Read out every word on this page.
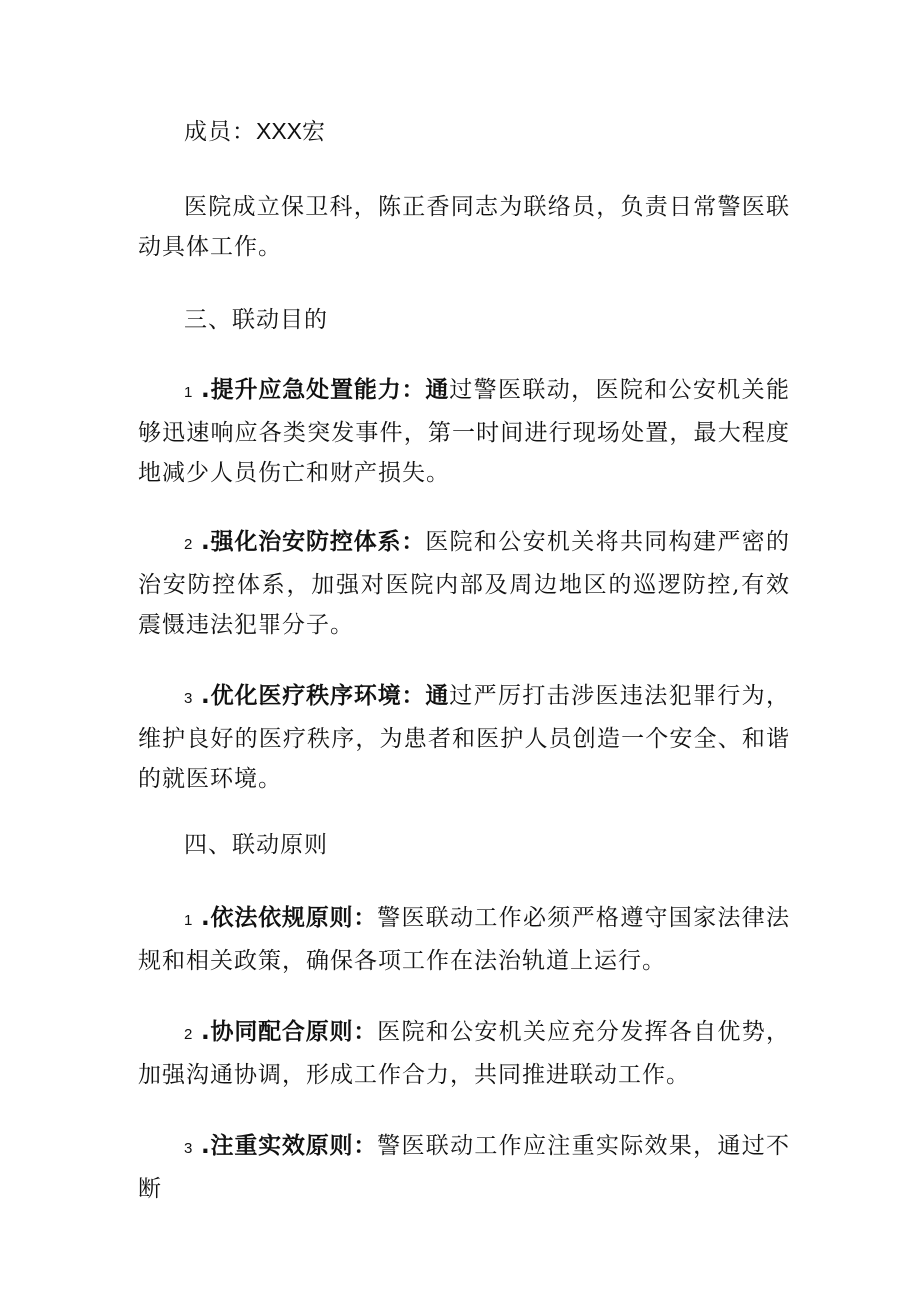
成员：XXX宏

医院成立保卫科，陈正香同志为联络员，负责日常警医联动具体工作。

三、联动目的

1 .提升应急处置能力：通过警医联动，医院和公安机关能够迅速响应各类突发事件，第一时间进行现场处置，最大程度地减少人员伤亡和财产损失。

2 .强化治安防控体系：医院和公安机关将共同构建严密的治安防控体系，加强对医院内部及周边地区的巡逻防控,有效震慑违法犯罪分子。

3 .优化医疗秩序环境：通过严厉打击涉医违法犯罪行为，维护良好的医疗秩序，为患者和医护人员创造一个安全、和谐的就医环境。

四、联动原则

1 .依法依规原则：警医联动工作必须严格遵守国家法律法规和相关政策，确保各项工作在法治轨道上运行。

2 .协同配合原则：医院和公安机关应充分发挥各自优势，加强沟通协调，形成工作合力，共同推进联动工作。

3 .注重实效原则：警医联动工作应注重实际效果，通过不断
